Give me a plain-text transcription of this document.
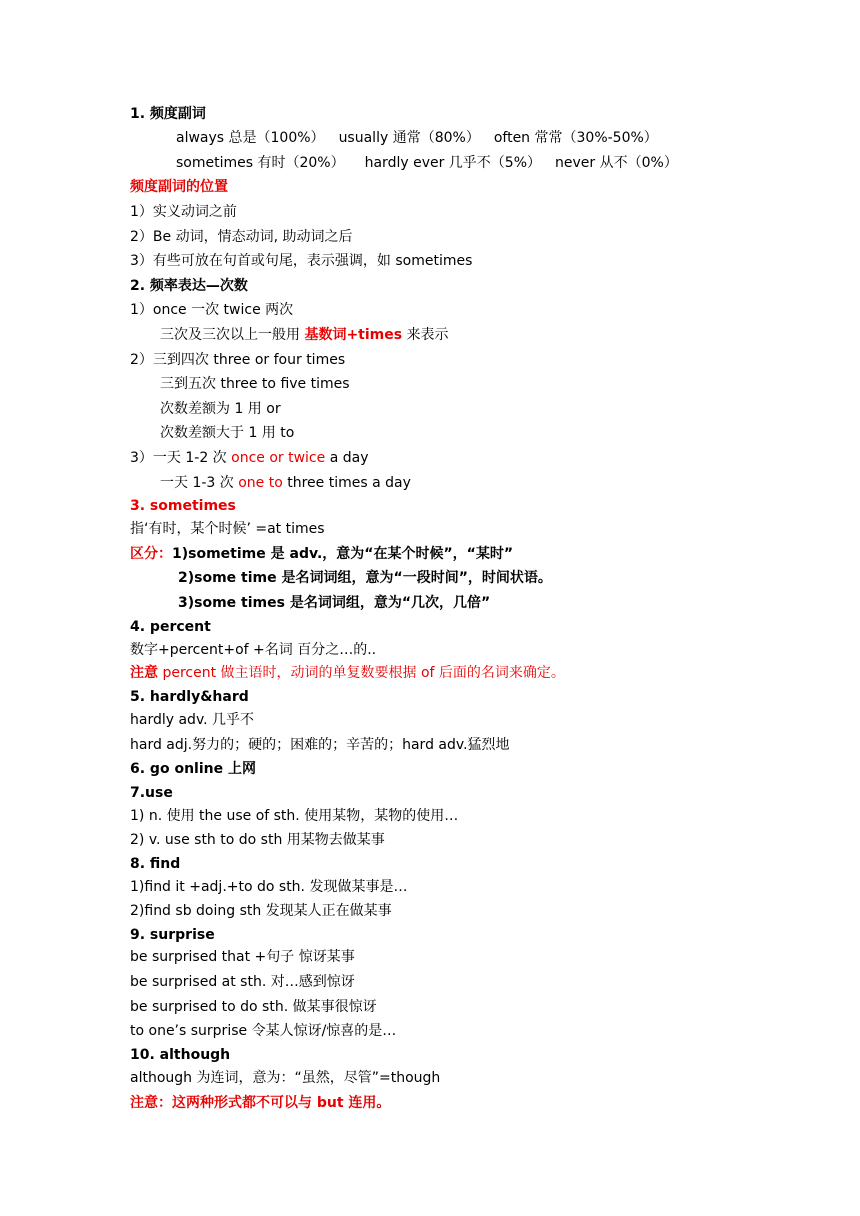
1. 频度副词
always 总是（100%） usually 通常（80%） often 常常（30%-50%）
sometimes 有时（20%） hardly ever 几乎不（5%） never 从不（0%）
频度副词的位置
1）实义动词之前
2）Be 动词，情态动词, 助动词之后
3）有些可放在句首或句尾，表示强调，如 sometimes
2. 频率表达—次数
1）once 一次 twice 两次
三次及三次以上一般用 基数词+times 来表示
2）三到四次 three or four times
三到五次 three to five times
次数差额为 1 用 or
次数差额大于 1 用 to
3）一天 1-2 次 once or twice a day
一天 1-3 次 one to three times a day
3. sometimes
指‘有时，某个时候’ =at times
区分：1)sometime 是 adv.，意为“在某个时候”，“某时”
2)some time 是名词词组，意为“一段时间”，时间状语。
3)some times 是名词词组，意为“几次，几倍”
4. percent
数字+percent+of +名词 百分之…的..
注意 percent 做主语时，动词的单复数要根据 of 后面的名词来确定。
5. hardly&hard
hardly adv. 几乎不
hard adj.努力的；硬的；困难的；辛苦的；hard adv.猛烈地
6. go online 上网
7.use
1) n. 使用 the use of sth. 使用某物，某物的使用…
2) v. use sth to do sth 用某物去做某事
8. find
1)find it +adj.+to do sth. 发现做某事是…
2)find sb doing sth 发现某人正在做某事
9. surprise
be surprised that +句子 惊讶某事
be surprised at sth. 对…感到惊讶
be surprised to do sth. 做某事很惊讶
to one’s surprise 令某人惊讶/惊喜的是…
10. although
although 为连词，意为：“虽然，尽管”=though
注意：这两种形式都不可以与 but 连用。
